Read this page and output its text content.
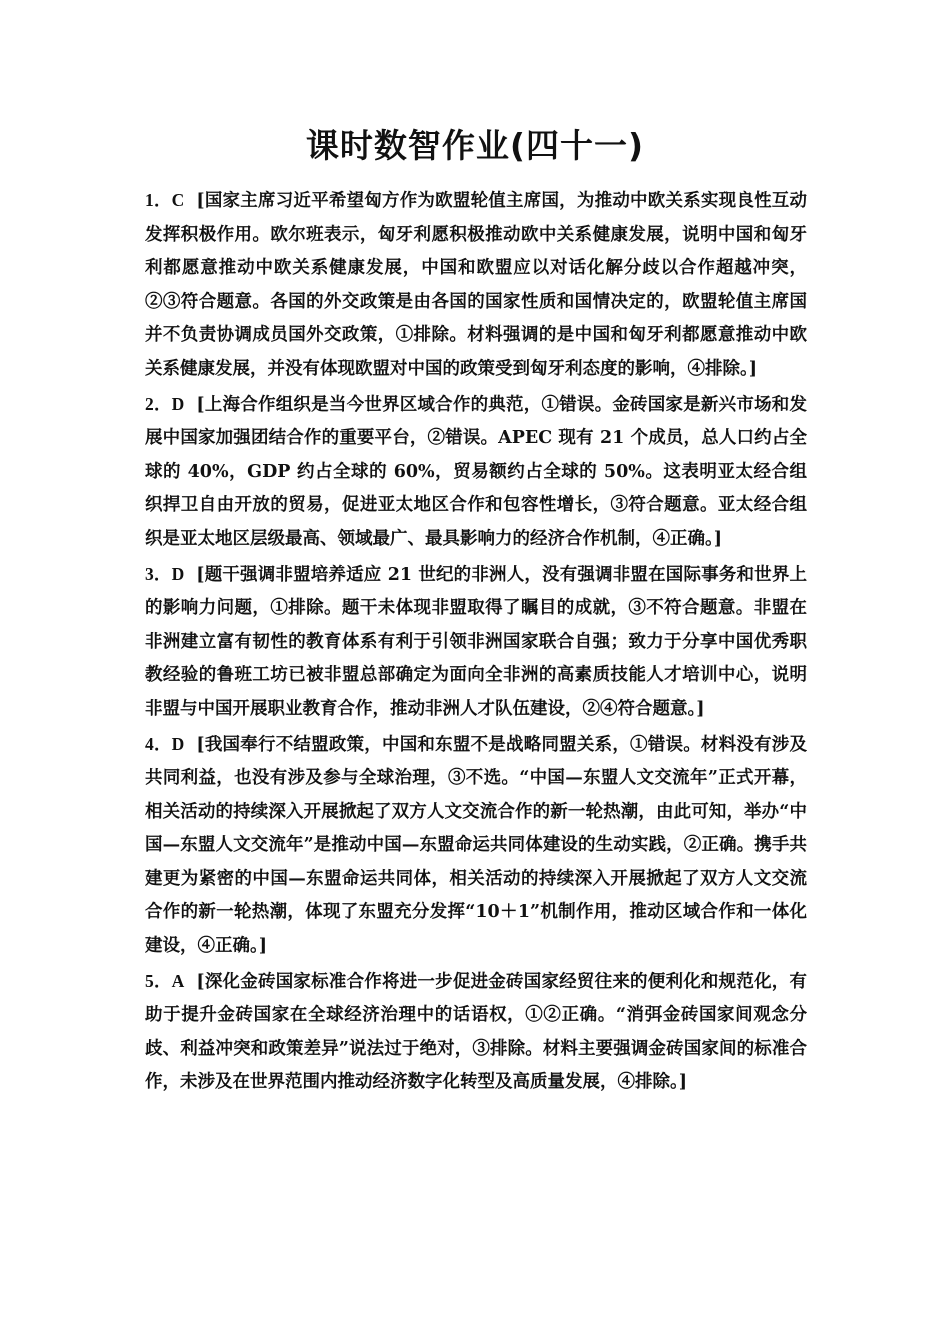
课时数智作业(四十一)

1．C [国家主席习近平希望匈方作为欧盟轮值主席国，为推动中欧关系实现良性互动发挥积极作用。欧尔班表示，匈牙利愿积极推动欧中关系健康发展，说明中国和匈牙利都愿意推动中欧关系健康发展，中国和欧盟应以对话化解分歧以合作超越冲突，②③符合题意。各国的外交政策是由各国的国家性质和国情决定的，欧盟轮值主席国并不负责协调成员国外交政策，①排除。材料强调的是中国和匈牙利都愿意推动中欧关系健康发展，并没有体现欧盟对中国的政策受到匈牙利态度的影响，④排除。]

2．D [上海合作组织是当今世界区域合作的典范，①错误。金砖国家是新兴市场和发展中国家加强团结合作的重要平台，②错误。APEC 现有 21 个成员，总人口约占全球的 40%，GDP 约占全球的 60%，贸易额约占全球的 50%。这表明亚太经合组织捍卫自由开放的贸易，促进亚太地区合作和包容性增长，③符合题意。亚太经合组织是亚太地区层级最高、领域最广、最具影响力的经济合作机制，④正确。]

3．D [题干强调非盟培养适应 21 世纪的非洲人，没有强调非盟在国际事务和世界上的影响力问题，①排除。题干未体现非盟取得了瞩目的成就，③不符合题意。非盟在非洲建立富有韧性的教育体系有利于引领非洲国家联合自强；致力于分享中国优秀职教经验的鲁班工坊已被非盟总部确定为面向全非洲的高素质技能人才培训中心，说明非盟与中国开展职业教育合作，推动非洲人才队伍建设，②④符合题意。]

4．D [我国奉行不结盟政策，中国和东盟不是战略同盟关系，①错误。材料没有涉及共同利益，也没有涉及参与全球治理，③不选。“中国—东盟人文交流年”正式开幕，相关活动的持续深入开展掀起了双方人文交流合作的新一轮热潮，由此可知，举办“中国—东盟人文交流年”是推动中国—东盟命运共同体建设的生动实践，②正确。携手共建更为紧密的中国—东盟命运共同体，相关活动的持续深入开展掀起了双方人文交流合作的新一轮热潮，体现了东盟充分发挥“10＋1”机制作用，推动区域合作和一体化建设，④正确。]

5．A [深化金砖国家标准合作将进一步促进金砖国家经贸往来的便利化和规范化，有助于提升金砖国家在全球经济治理中的话语权，①②正确。“消弭金砖国家间观念分歧、利益冲突和政策差异”说法过于绝对，③排除。材料主要强调金砖国家间的标准合作，未涉及在世界范围内推动经济数字化转型及高质量发展，④排除。]
